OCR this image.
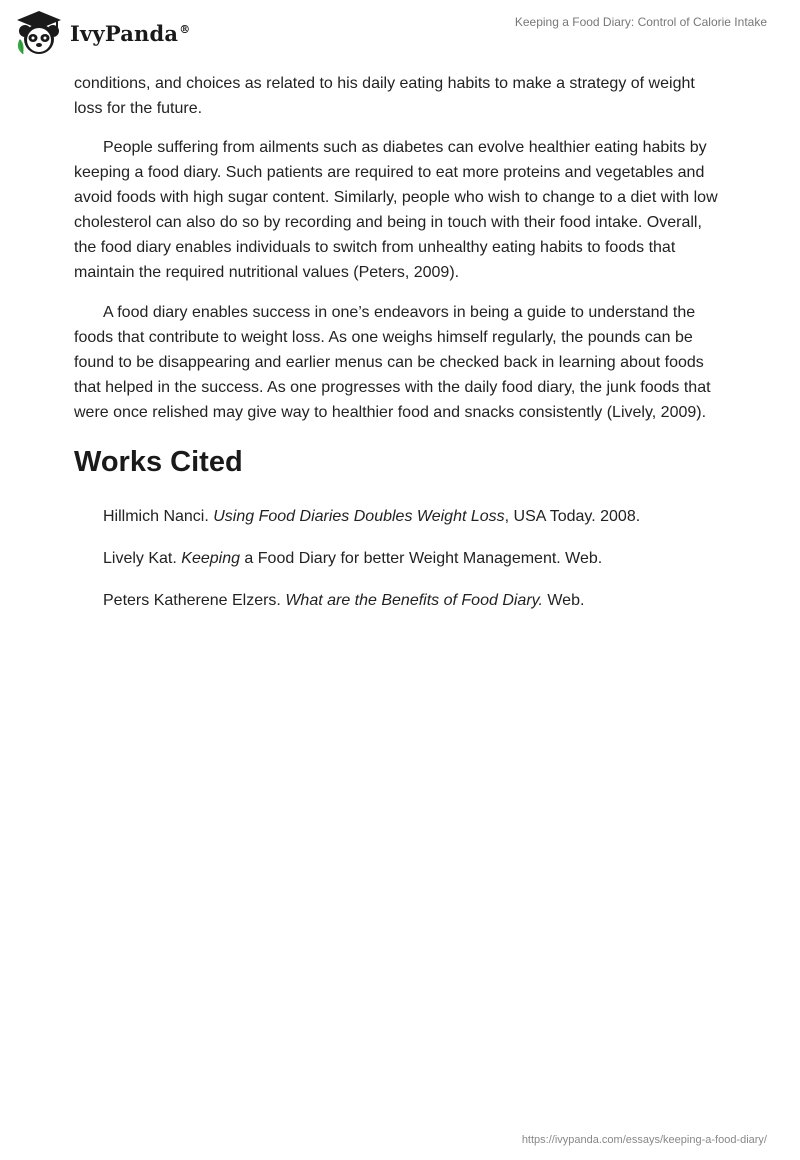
IvyPanda®	Keeping a Food Diary: Control of Calorie Intake

conditions, and choices as related to his daily eating habits to make a strategy of weight loss for the future.

People suffering from ailments such as diabetes can evolve healthier eating habits by keeping a food diary. Such patients are required to eat more proteins and vegetables and avoid foods with high sugar content. Similarly, people who wish to change to a diet with low cholesterol can also do so by recording and being in touch with their food intake. Overall, the food diary enables individuals to switch from unhealthy eating habits to foods that maintain the required nutritional values (Peters, 2009).

A food diary enables success in one’s endeavors in being a guide to understand the foods that contribute to weight loss. As one weighs himself regularly, the pounds can be found to be disappearing and earlier menus can be checked back in learning about foods that helped in the success. As one progresses with the daily food diary, the junk foods that were once relished may give way to healthier food and snacks consistently (Lively, 2009).

Works Cited
Hillmich Nanci. Using Food Diaries Doubles Weight Loss, USA Today. 2008.
Lively Kat. Keeping a Food Diary for better Weight Management. Web.
Peters Katherene Elzers. What are the Benefits of Food Diary. Web.
https://ivypanda.com/essays/keeping-a-food-diary/
